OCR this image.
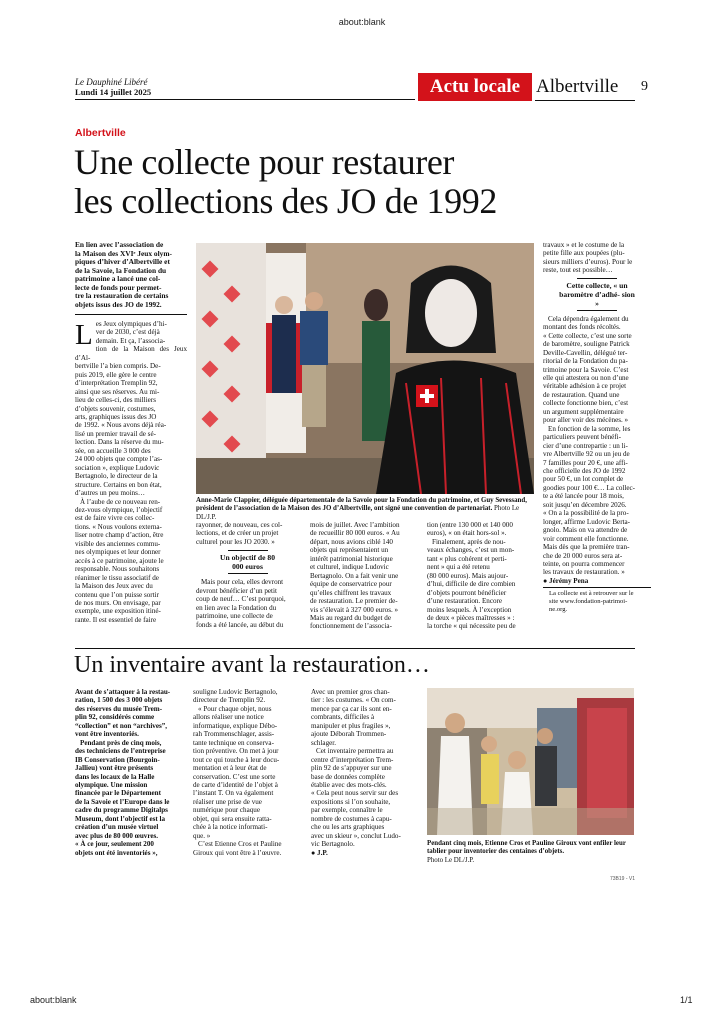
about:blank
Le Dauphiné Libéré
Lundi 14 juillet 2025	Actu locale Albertville 9
Albertville
Une collecte pour restaurer
les collections des JO de 1992
En lien avec l’association de
la Maison des XVIᵉ Jeux olym-
piques d’hiver d’Albertville et
de la Savoie, la Fondation du
patrimoine a lancé une col-
lecte de fonds pour permet-
tre la restauration de certains
objets issus des JO de 1992.
L es Jeux olympiques d’hi-
ver de 2030, c’est déjà
demain. Et ça, l’associa-
tion de la Maison des Jeux d’Al-
bertville l’a bien compris. De-
puis 2019, elle gère le centre
d’interprétation Tremplin 92,
ainsi que ses réserves. Au mi-
lieu de celles-ci, des milliers
d’objets souvenir, costumes,
arts, graphiques issus des JO
de 1992. « Nous avons déjà réa-
lisé un premier travail de sé-
lection. Dans la réserve du mu-
sée, on accueille 3 000 des
24 000 objets que compte l’as-
sociation », explique Ludovic
Bertagnolo, le directeur de la
structure. Certains en bon état,
d’autres un peu moins…
À l’aube de ce nouveau ren-
dez-vous olympique, l’objectif
est de faire vivre ces collec-
tions. « Nous voulons externa-
liser notre champ d’action, être
visible des anciennes commu-
nes olympiques et leur donner
accès à ce patrimoine, ajoute le
responsable. Nous souhaitons
réanimer le tissu associatif de
la Maison des Jeux avec du
contenu que l’on puisse sortir
de nos murs. On envisage, par
exemple, une exposition itiné-
rante. Il est essentiel de faire
Anne-Marie Clappier, déléguée départementale de la Savoie pour la Fondation du patrimoine, et Guy Sevessand, président de l’association de la Maison des JO d’Albertville, ont signé une convention de partenariat. Photo Le DL/J.P.
rayonner, de nouveau, ces col-
lections, et de créer un projet
culturel pour les JO 2030. »
Un objectif de 80 000 euros
Mais pour cela, elles devront
devront bénéficier d’un petit
coup de neuf… C’est pourquoi,
en lien avec la Fondation du
patrimoine, une collecte de
fonds a été lancée, au début du
mois de juillet. Avec l’ambition
de recueillir 80 000 euros. « Au
départ, nous avions ciblé 140
objets qui représentaient un
intérêt patrimonial historique
et culturel, indique Ludovic
Bertagnolo. On a fait venir une
équipe de conservatrice pour
qu’elles chiffrent les travaux
de restauration. Le premier de-
vis s’élevait à 327 000 euros. »
Mais au regard du budget de
fonctionnement de l’associa-
tion (entre 130 000 et 140 000
euros), « on était hors-sol ».
Finalement, après de nou-
veaux échanges, c’est un mon-
tant « plus cohérent et perti-
nent » qui a été retenu
(80 000 euros). Mais aujour-
d’hui, difficile de dire combien
d’objets pourront bénéficier
d’une restauration. Encore
moins lesquels. À l’exception
de deux « pièces maîtresses » :
la torche « qui nécessite peu de
travaux » et le costume de la
petite fille aux poupées (plu-
sieurs milliers d’euros). Pour le
reste, tout est possible…
Cette collecte, « un baromètre d’adhé- sion »
Cela dépendra également du
montant des fonds récoltés.
« Cette collecte, c’est une sorte
de baromètre, souligne Patrick
Deville-Cavellin, délégué ter-
ritorial de la Fondation du pa-
trimoine pour la Savoie. C’est
elle qui attestera ou non d’une
véritable adhésion à ce projet
de restauration. Quand une
collecte fonctionne bien, c’est
un argument supplémentaire
pour aller voir des mécènes. »
En fonction de la somme, les
particuliers peuvent bénéfi-
cier d’une contrepartie : un li-
vre Albertville 92 ou un jeu de
7 familles pour 20 €, une affi-
che officielle des JO de 1992
pour 50 €, un lot complet de
goodies pour 100 €… La collec-
te a été lancée pour 18 mois,
soit jusqu’en décembre 2026.
« On a la possibilité de la pro-
longer, affirme Ludovic Berta-
gnolo. Mais on va attendre de
voir comment elle fonctionne.
Mais dès que la première tran-
che de 20 000 euros sera at-
teinte, on pourra commencer
les travaux de restauration. »
● Jérémy Pena
La collecte est à retrouver sur le
site www.fondation-patrimoi-
ne.org.
Un inventaire avant la restauration…
Avant de s’attaquer à la restau-
ration, 1 500 des 3 000 objets
des réserves du musée Trem-
plin 92, considérés comme
“collection” et non “archives”,
vont être inventoriés.
Pendant près de cinq mois,
des techniciens de l’entreprise
IB Conservation (Bourgoin-
Jallieu) vont être présents
dans les locaux de la Halle
olympique. Une mission
financée par le Département
de la Savoie et l’Europe dans le
cadre du programme Digitalps
Museum, dont l’objectif est la
création d’un musée virtuel
avec plus de 80 000 œuvres.
« À ce jour, seulement 200
objets ont été inventoriés »,
souligne Ludovic Bertagnolo,
directeur de Tremplin 92.
« Pour chaque objet, nous
allons réaliser une notice
informatique, explique Débo-
rah Trommenschlager, assis-
tante technique en conserva-
tion préventive. On met à jour
tout ce qui touche à leur docu-
mentation et à leur état de
conservation. C’est une sorte
de carte d’identité de l’objet à
l’instant T. On va également
réaliser une prise de vue
numérique pour chaque
objet, qui sera ensuite ratta-
chée à la notice informati-
que. »
C’est Etienne Cros et Pauline
Giroux qui vont être à l’œuvre.
Avec un premier gros chan-
tier : les costumes. « On com-
mence par ça car ils sont en-
combrants, difficiles à
manipuler et plus fragiles »,
ajoute Déborah Trommen-
schlager.
Cet inventaire permettra au
centre d’interprétation Trem-
plin 92 de s’appuyer sur une
base de données complète
établie avec des mots-clés.
« Cela peut nous servir sur des
expositions si l’on souhaite,
par exemple, connaître le
nombre de costumes à capu-
che ou les arts graphiques
avec un skieur », conclut Ludo-
vic Bertagnolo.
● J.P.
Pendant cinq mois, Etienne Cros et Pauline Giroux vont enfiler leur tablier pour inventorier des centaines d’objets.
Photo Le DL/J.P.
73B19 - V1
about:blank	1/1
